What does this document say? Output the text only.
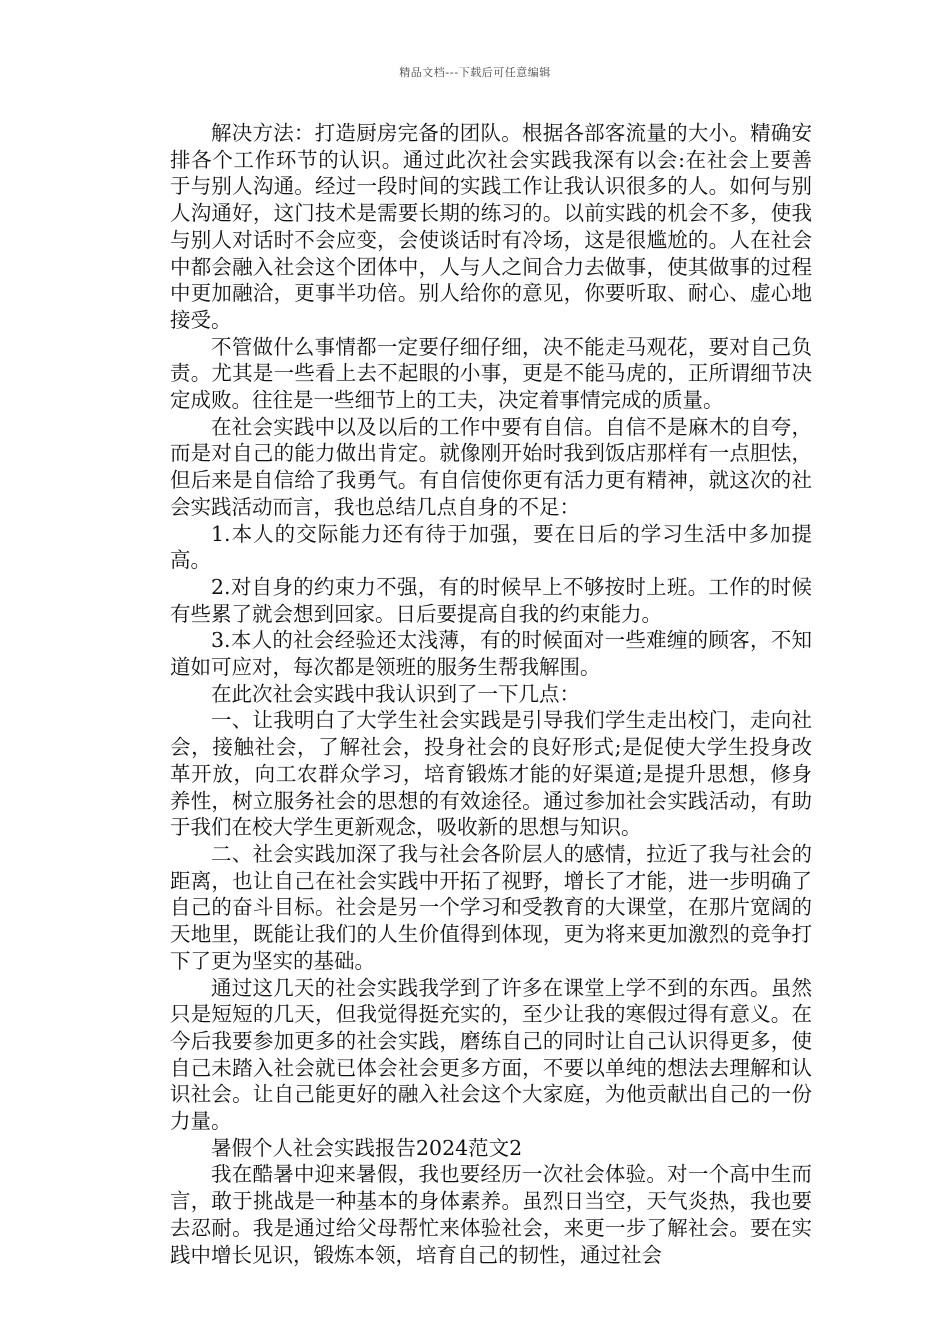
精品文档---下载后可任意编辑

解决方法：打造厨房完备的团队。根据各部客流量的大小。精确安排各个工作环节的认识。通过此次社会实践我深有以会:在社会上要善于与别人沟通。经过一段时间的实践工作让我认识很多的人。如何与别人沟通好，这门技术是需要长期的练习的。以前实践的机会不多，使我与别人对话时不会应变，会使谈话时有冷场，这是很尴尬的。人在社会中都会融入社会这个团体中，人与人之间合力去做事，使其做事的过程中更加融洽，更事半功倍。别人给你的意见，你要听取、耐心、虚心地接受。

不管做什么事情都一定要仔细仔细，决不能走马观花，要对自己负责。尤其是一些看上去不起眼的小事，更是不能马虎的，正所谓细节决定成败。往往是一些细节上的工夫，决定着事情完成的质量。

在社会实践中以及以后的工作中要有自信。自信不是麻木的自夸，而是对自己的能力做出肯定。就像刚开始时我到饭店那样有一点胆怯，但后来是自信给了我勇气。有自信使你更有活力更有精神，就这次的社会实践活动而言，我也总结几点自身的不足：

1.本人的交际能力还有待于加强，要在日后的学习生活中多加提高。

2.对自身的约束力不强，有的时候早上不够按时上班。工作的时候有些累了就会想到回家。日后要提高自我的约束能力。

3.本人的社会经验还太浅薄，有的时候面对一些难缠的顾客，不知道如可应对，每次都是领班的服务生帮我解围。

在此次社会实践中我认识到了一下几点：

一、让我明白了大学生社会实践是引导我们学生走出校门，走向社会，接触社会，了解社会，投身社会的良好形式;是促使大学生投身改革开放，向工农群众学习，培育锻炼才能的好渠道;是提升思想，修身养性，树立服务社会的思想的有效途径。通过参加社会实践活动，有助于我们在校大学生更新观念，吸收新的思想与知识。

二、社会实践加深了我与社会各阶层人的感情，拉近了我与社会的距离，也让自己在社会实践中开拓了视野，增长了才能，进一步明确了自己的奋斗目标。社会是另一个学习和受教育的大课堂，在那片宽阔的天地里，既能让我们的人生价值得到体现，更为将来更加激烈的竞争打下了更为坚实的基础。

通过这几天的社会实践我学到了许多在课堂上学不到的东西。虽然只是短短的几天，但我觉得挺充实的，至少让我的寒假过得有意义。在今后我要参加更多的社会实践，磨练自己的同时让自己认识得更多，使自己未踏入社会就已体会社会更多方面，不要以单纯的想法去理解和认识社会。让自己能更好的融入社会这个大家庭，为他贡献出自己的一份力量。

暑假个人社会实践报告2024范文2

我在酷暑中迎来暑假，我也要经历一次社会体验。对一个高中生而言，敢于挑战是一种基本的身体素养。虽烈日当空，天气炎热，我也要去忍耐。我是通过给父母帮忙来体验社会，来更一步了解社会。要在实践中增长见识，锻炼本领，培育自己的韧性，通过社会
